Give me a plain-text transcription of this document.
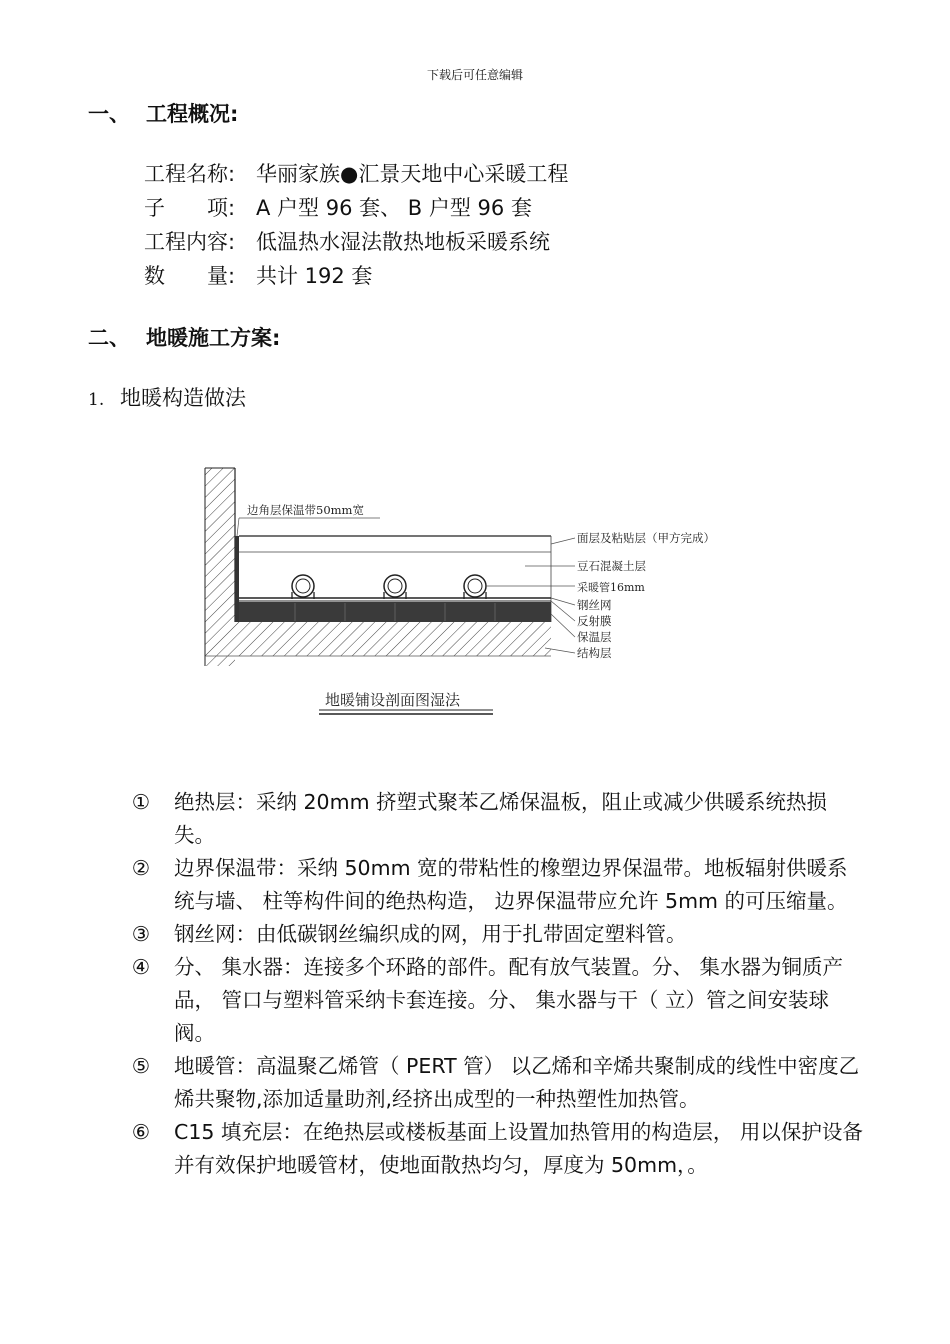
下载后可任意编辑
一、 工程概况:
工程名称: 华丽家族●汇景天地中心采暖工程
子　　项: A 户型 96 套、 B 户型 96 套
工程内容: 低温热水湿法散热地板采暖系统
数　　量: 共计 192 套
二、 地暖施工方案:
1. 地暖构造做法
边角层保温带50mm宽
面层及粘贴层（甲方完成）
豆石混凝土层
采暖管16mm
钢丝网
反射膜
保温层
结构层
地暖铺设剖面图湿法
① 绝热层：采纳 20mm 挤塑式聚苯乙烯保温板，阻止或减少供暖系统热损失。
② 边界保温带：采纳 50mm 宽的带粘性的橡塑边界保温带。地板辐射供暖系统与墙、 柱等构件间的绝热构造， 边界保温带应允许 5mm 的可压缩量。
③ 钢丝网：由低碳钢丝编织成的网，用于扎带固定塑料管。
④ 分、 集水器：连接多个环路的部件。配有放气装置。分、 集水器为铜质产品， 管口与塑料管采纳卡套连接。分、 集水器与干（ 立）管之间安装球阀。
⑤ 地暖管：高温聚乙烯管（ PERT 管） 以乙烯和辛烯共聚制成的线性中密度乙烯共聚物,添加适量助剂,经挤出成型的一种热塑性加热管。
⑥ C15 填充层：在绝热层或楼板基面上设置加热管用的构造层， 用以保护设备并有效保护地暖管材，使地面散热均匀，厚度为 50mm，。
